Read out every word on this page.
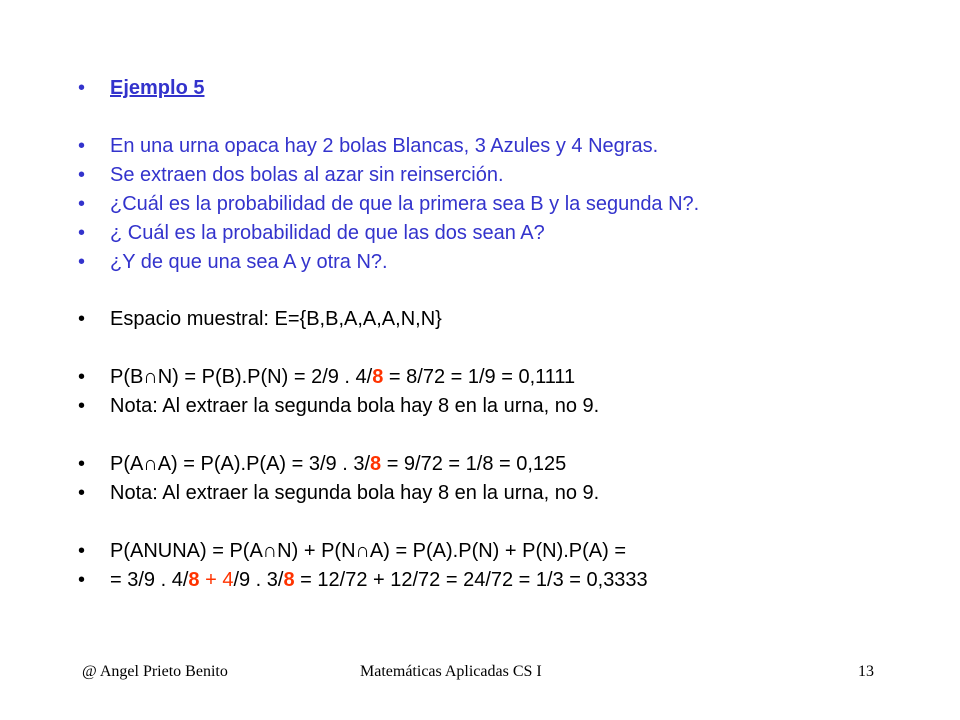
• Ejemplo 5
• En una urna opaca hay 2 bolas Blancas, 3 Azules y 4 Negras.
• Se extraen dos bolas al azar sin reinserción.
• ¿Cuál es la probabilidad de que la primera sea B y la segunda N?.
• ¿ Cuál es la probabilidad de que las dos sean A?
• ¿Y de que una sea A y otra N?.
• Espacio muestral: E={B,B,A,A,A,N,N}
• P(B∩N) = P(B).P(N) = 2/9 . 4/8 = 8/72 = 1/9 = 0,1111
• Nota: Al extraer la segunda bola hay 8 en la urna, no 9.
• P(A∩A) = P(A).P(A) = 3/9 . 3/8 = 9/72 = 1/8 = 0,125
• Nota: Al extraer la segunda bola hay 8 en la urna, no 9.
• P(ANUNA) = P(A∩N) + P(N∩A) = P(A).P(N) + P(N).P(A) =
• = 3/9 . 4/8 + 4/9 . 3/8 = 12/72 + 12/72 = 24/72 = 1/3 = 0,3333
@ Angel Prieto Benito	Matemáticas Aplicadas CS I	13
